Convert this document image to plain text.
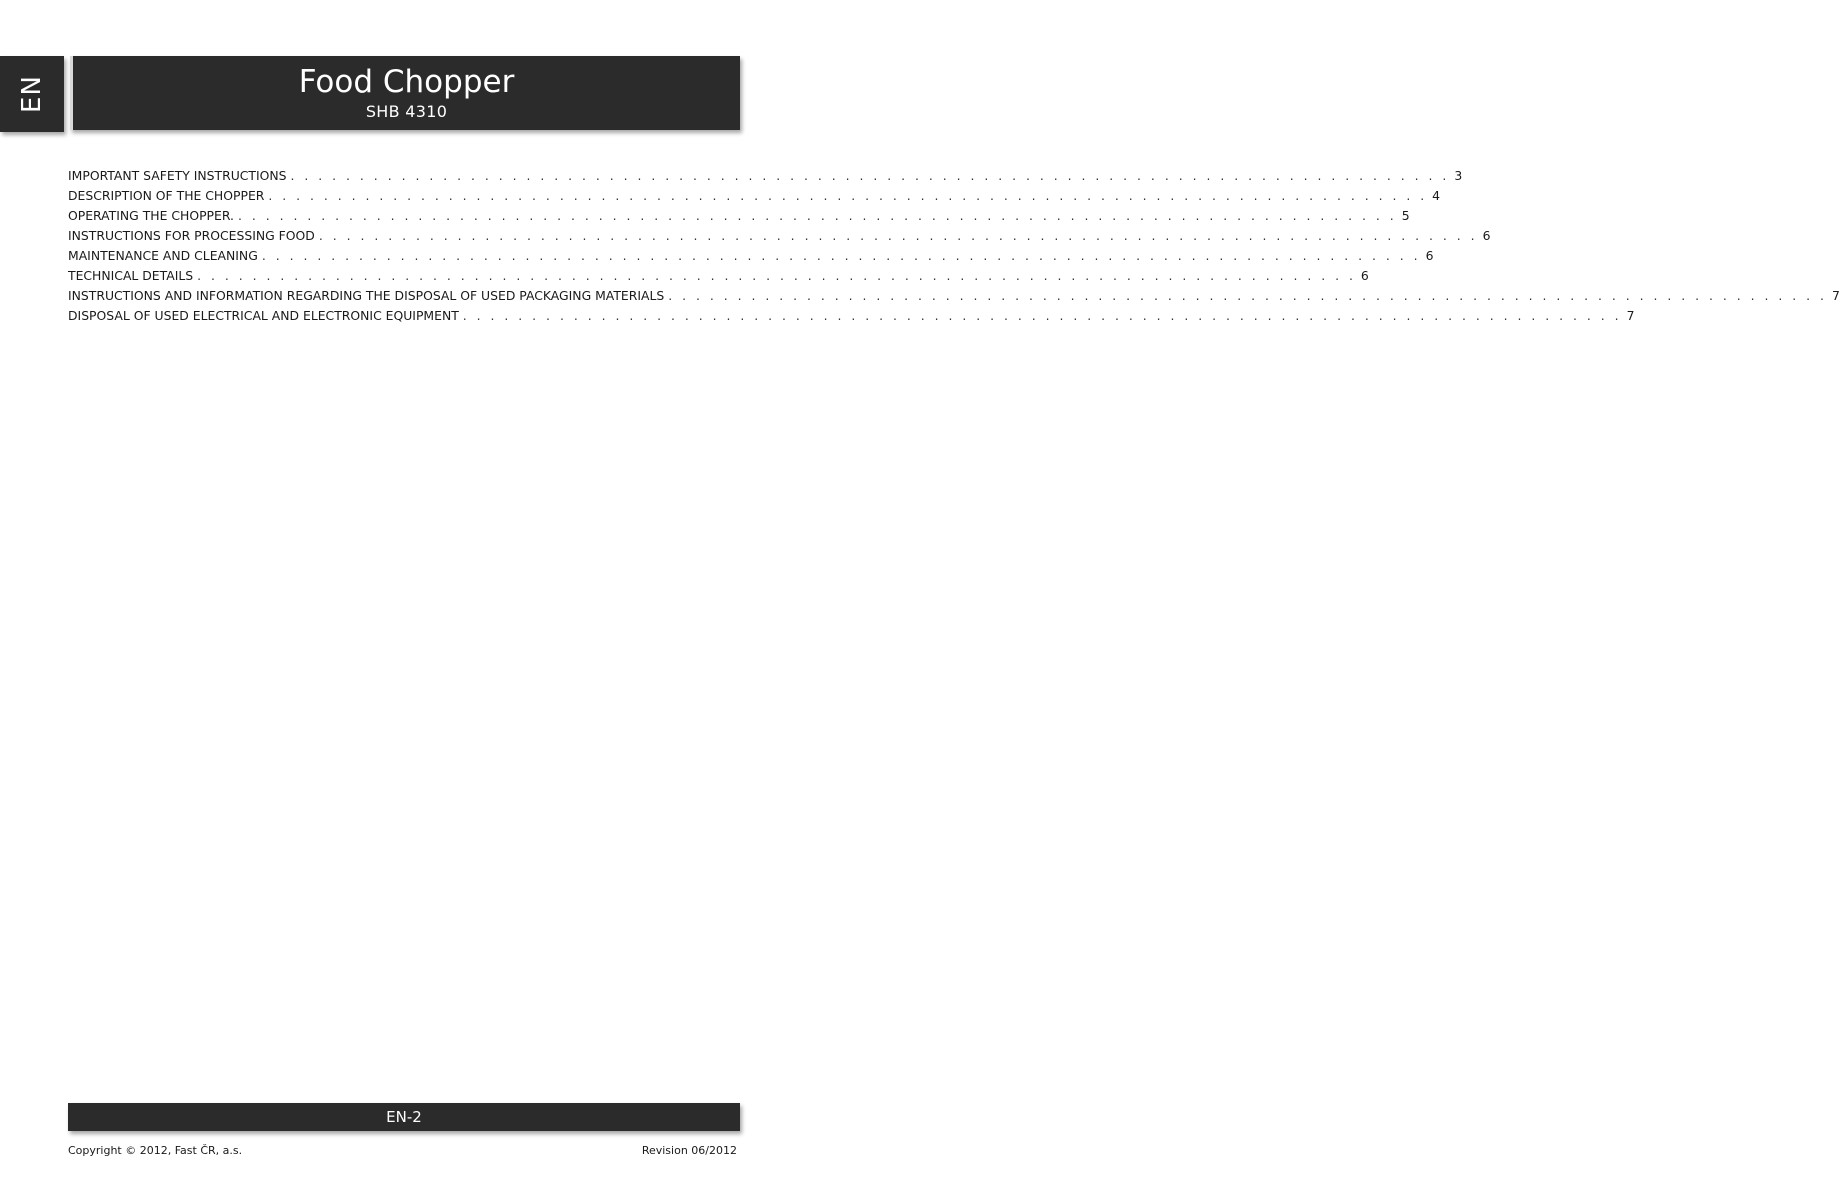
EN	Food Chopper
SHB 4310
IMPORTANT SAFETY INSTRUCTIONS . . . . . . . . . . . . . . . . . . . . . . . . . . . . . . . . . . . . . . . . . . . . . . . . . . . . . . . . . . . . . . . . . . . . . . . . . . . . . . . . . . . . 3
DESCRIPTION OF THE CHOPPER . . . . . . . . . . . . . . . . . . . . . . . . . . . . . . . . . . . . . . . . . . . . . . . . . . . . . . . . . . . . . . . . . . . . . . . . . . . . . . . . . . . . 4
OPERATING THE CHOPPER. . . . . . . . . . . . . . . . . . . . . . . . . . . . . . . . . . . . . . . . . . . . . . . . . . . . . . . . . . . . . . . . . . . . . . . . . . . . . . . . . . . . . 5
INSTRUCTIONS FOR PROCESSING FOOD . . . . . . . . . . . . . . . . . . . . . . . . . . . . . . . . . . . . . . . . . . . . . . . . . . . . . . . . . . . . . . . . . . . . . . . . . . . . . . . . . . . . 6
MAINTENANCE AND CLEANING . . . . . . . . . . . . . . . . . . . . . . . . . . . . . . . . . . . . . . . . . . . . . . . . . . . . . . . . . . . . . . . . . . . . . . . . . . . . . . . . . . . . 6
TECHNICAL DETAILS . . . . . . . . . . . . . . . . . . . . . . . . . . . . . . . . . . . . . . . . . . . . . . . . . . . . . . . . . . . . . . . . . . . . . . . . . . . . . . . . . . . . 6
INSTRUCTIONS AND INFORMATION REGARDING THE DISPOSAL OF USED PACKAGING MATERIALS . . . . . . . . . . . . . . . . . . . . . . . . . . . . . . . . . . . . . . . . . . . . . . . . . . . . . . . . . . . . . . . . . . . . . . . . . . . . . . . . . . . . 7
DISPOSAL OF USED ELECTRICAL AND ELECTRONIC EQUIPMENT . . . . . . . . . . . . . . . . . . . . . . . . . . . . . . . . . . . . . . . . . . . . . . . . . . . . . . . . . . . . . . . . . . . . . . . . . . . . . . . . . . . . 7
EN-2
Copyright © 2012, Fast ČR, a.s.	Revision 06/2012
